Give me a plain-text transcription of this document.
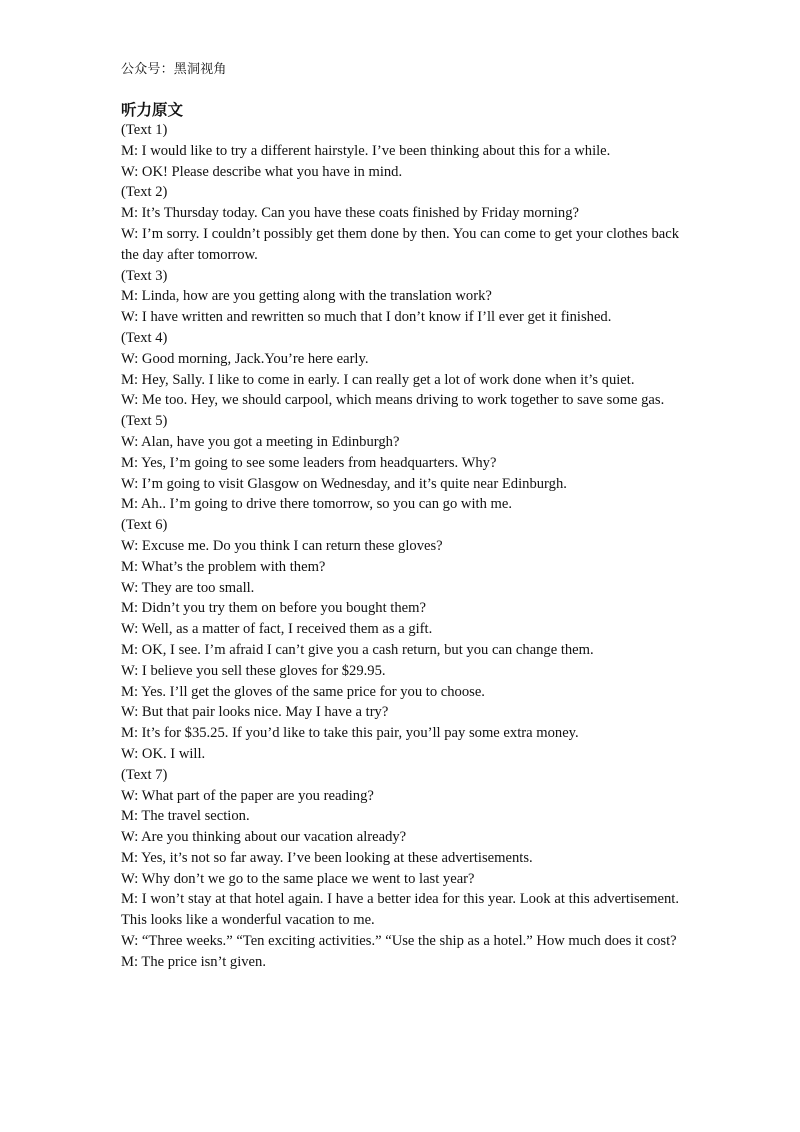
公众号：黑洞视角
听力原文
(Text 1)
M: I would like to try a different hairstyle. I’ve been thinking about this for a while.
W: OK! Please describe what you have in mind.
(Text 2)
M: It’s Thursday today. Can you have these coats finished by Friday morning?
W: I’m sorry. I couldn’t possibly get them done by then. You can come to get your clothes back the day after tomorrow.
(Text 3)
M: Linda, how are you getting along with the translation work?
W: I have written and rewritten so much that I don’t know if I’ll ever get it finished.
(Text 4)
W: Good morning, Jack.You’re here early.
M: Hey, Sally. I like to come in early. I can really get a lot of work done when it’s quiet.
W: Me too. Hey, we should carpool, which means driving to work together to save some gas.
(Text 5)
W: Alan, have you got a meeting in Edinburgh?
M: Yes, I’m going to see some leaders from headquarters. Why?
W: I’m going to visit Glasgow on Wednesday, and it’s quite near Edinburgh.
M: Ah.. I’m going to drive there tomorrow, so you can go with me.
(Text 6)
W: Excuse me. Do you think I can return these gloves?
M: What’s the problem with them?
W: They are too small.
M: Didn’t you try them on before you bought them?
W: Well, as a matter of fact, I received them as a gift.
M: OK, I see. I’m afraid I can’t give you a cash return, but you can change them.
W: I believe you sell these gloves for $29.95.
M: Yes. I’ll get the gloves of the same price for you to choose.
W: But that pair looks nice. May I have a try?
M: It’s for $35.25. If you’d like to take this pair, you’ll pay some extra money.
W: OK. I will.
(Text 7)
W: What part of the paper are you reading?
M: The travel section.
W: Are you thinking about our vacation already?
M: Yes, it’s not so far away. I’ve been looking at these advertisements.
W: Why don’t we go to the same place we went to last year?
M: I won’t stay at that hotel again. I have a better idea for this year. Look at this advertisement. This looks like a wonderful vacation to me.
W: “Three weeks.” “Ten exciting activities.” “Use the ship as a hotel.” How much does it cost?
M: The price isn’t given.
